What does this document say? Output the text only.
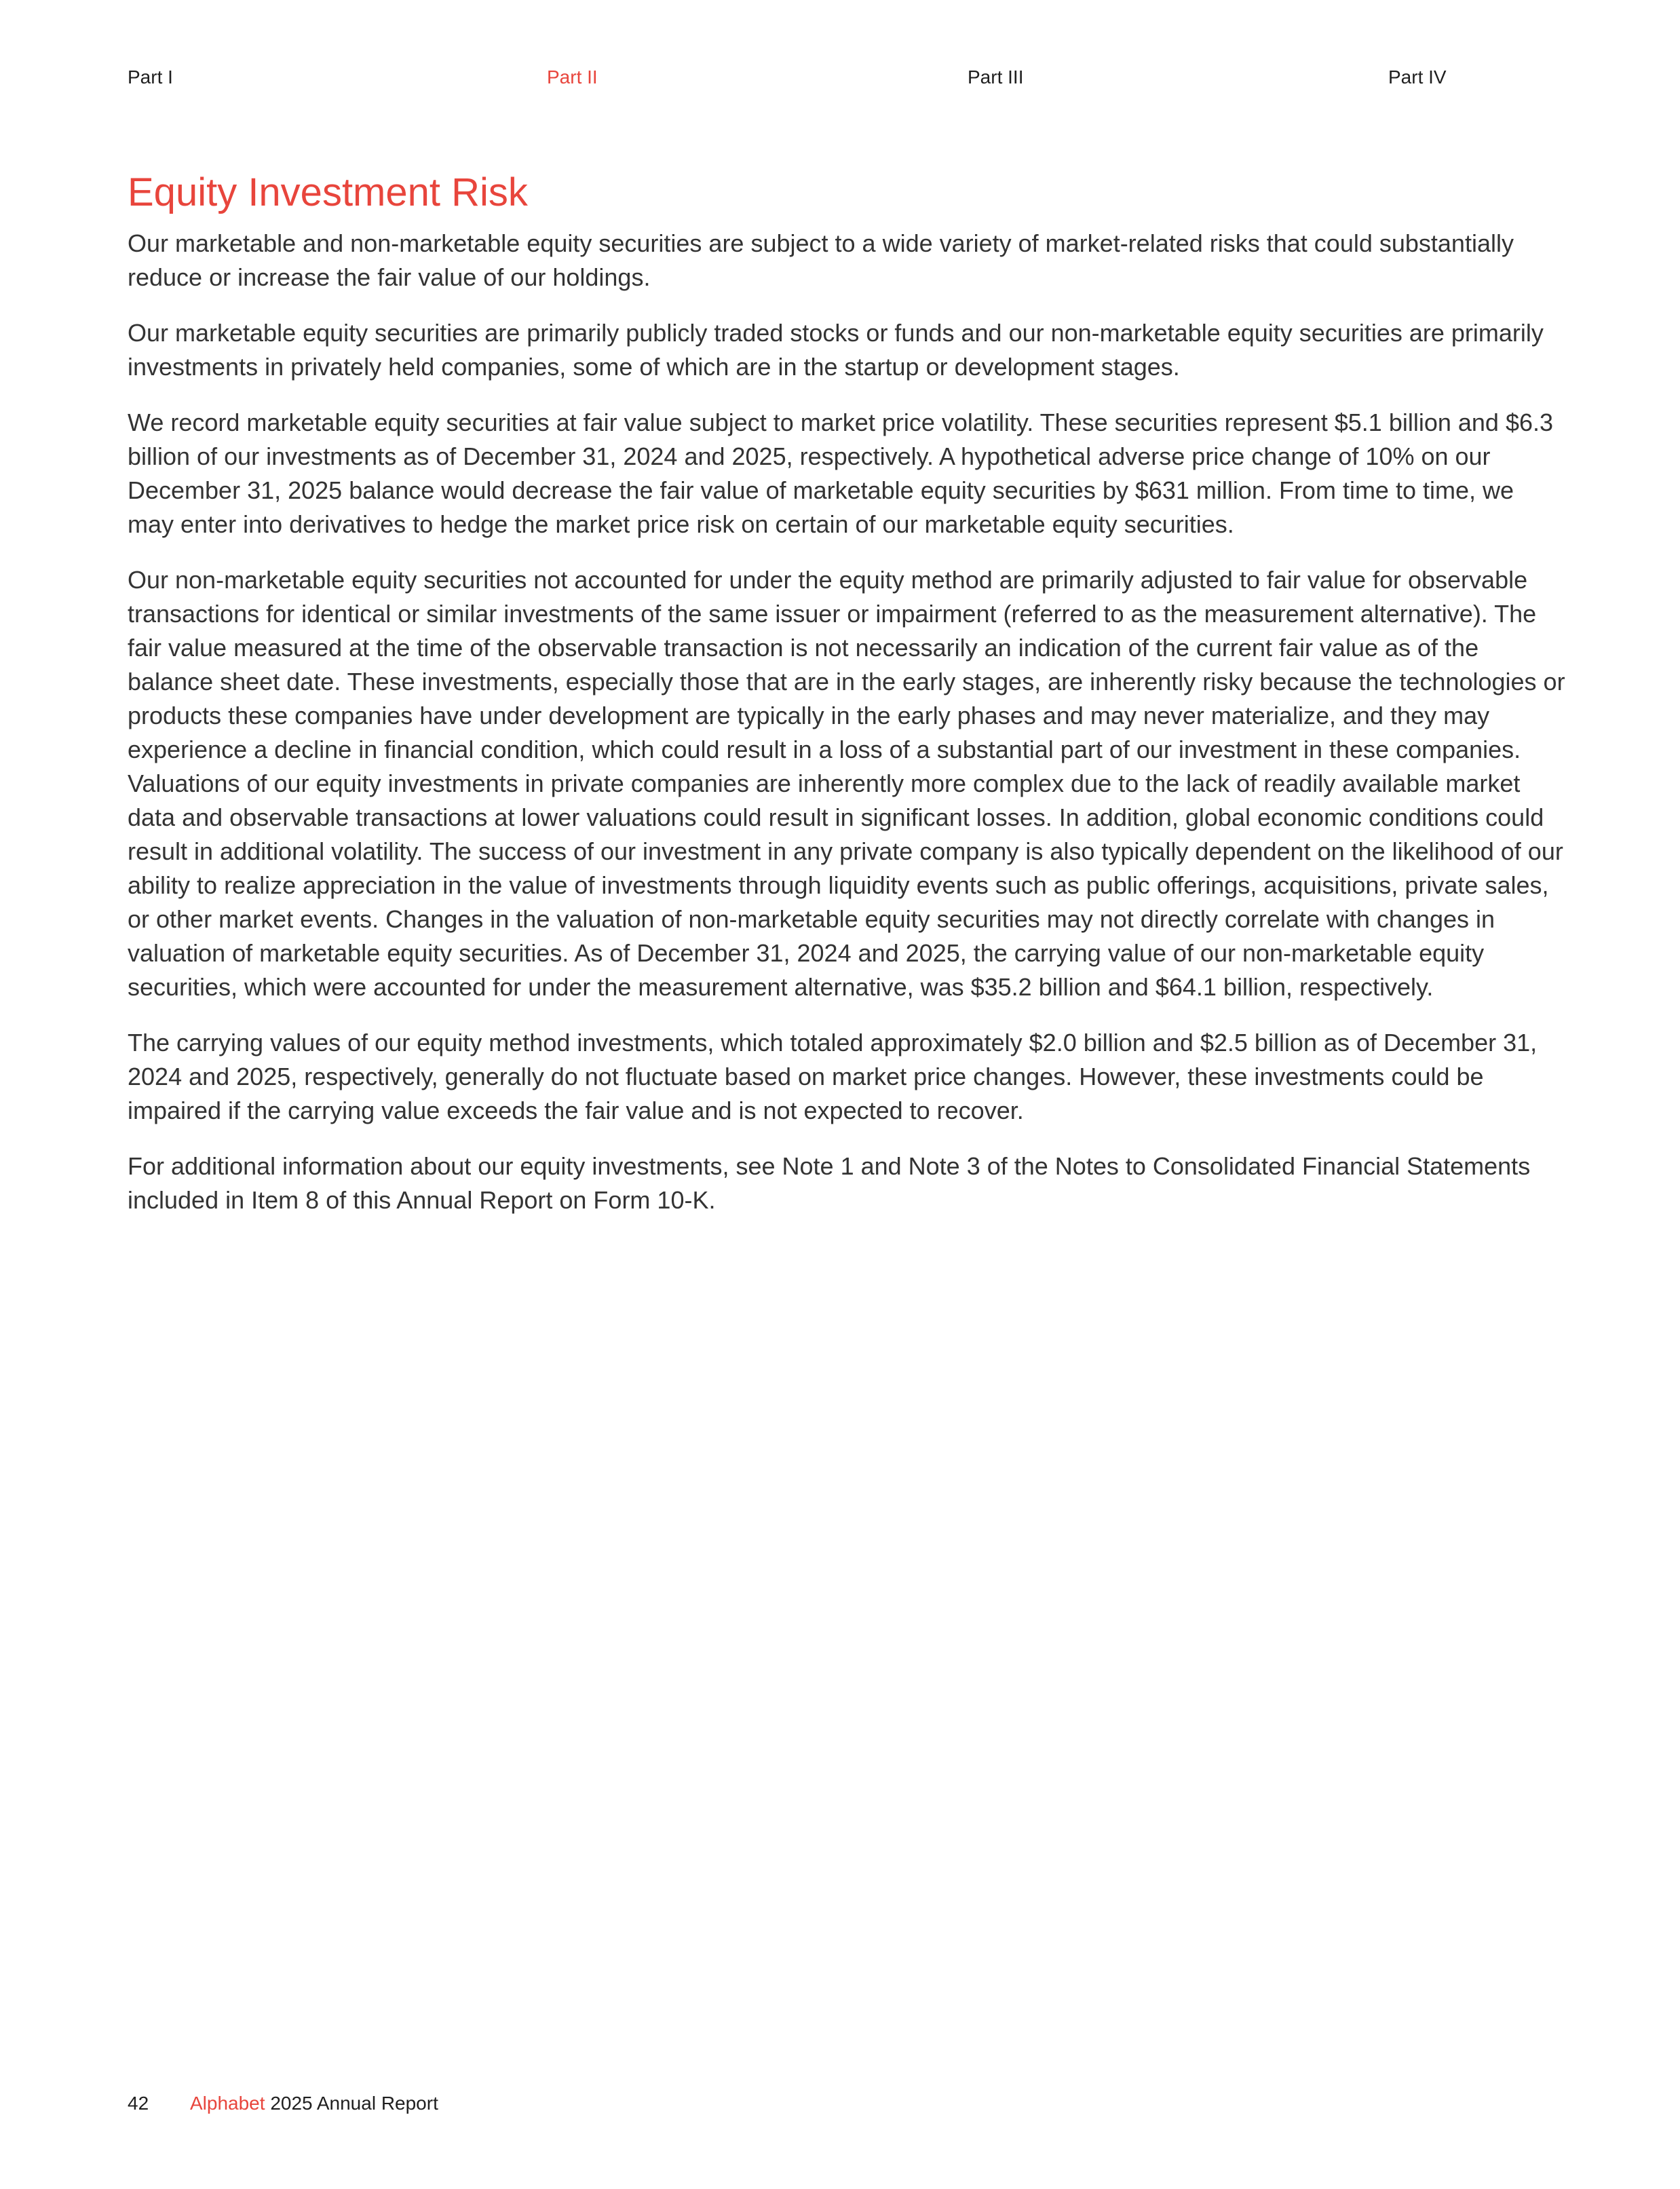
Part I	Part II	Part III	Part IV
Equity Investment Risk

Our marketable and non-marketable equity securities are subject to a wide variety of market-related risks that could substantially reduce or increase the fair value of our holdings.

Our marketable equity securities are primarily publicly traded stocks or funds and our non-marketable equity securities are primarily investments in privately held companies, some of which are in the startup or development stages.

We record marketable equity securities at fair value subject to market price volatility. These securities represent $5.1 billion and $6.3 billion of our investments as of December 31, 2024 and 2025, respectively. A hypothetical adverse price change of 10% on our December 31, 2025 balance would decrease the fair value of marketable equity securities by $631 million. From time to time, we may enter into derivatives to hedge the market price risk on certain of our marketable equity securities.

Our non-marketable equity securities not accounted for under the equity method are primarily adjusted to fair value for observable transactions for identical or similar investments of the same issuer or impairment (referred to as the measurement alternative). The fair value measured at the time of the observable transaction is not necessarily an indication of the current fair value as of the balance sheet date. These investments, especially those that are in the early stages, are inherently risky because the technologies or products these companies have under development are typically in the early phases and may never materialize, and they may experience a decline in financial condition, which could result in a loss of a substantial part of our investment in these companies. Valuations of our equity investments in private companies are inherently more complex due to the lack of readily available market data and observable transactions at lower valuations could result in significant losses. In addition, global economic conditions could result in additional volatility. The success of our investment in any private company is also typically dependent on the likelihood of our ability to realize appreciation in the value of investments through liquidity events such as public offerings, acquisitions, private sales, or other market events. Changes in the valuation of non-marketable equity securities may not directly correlate with changes in valuation of marketable equity securities. As of December 31, 2024 and 2025, the carrying value of our non-marketable equity securities, which were accounted for under the measurement alternative, was $35.2 billion and $64.1 billion, respectively.

The carrying values of our equity method investments, which totaled approximately $2.0 billion and $2.5 billion as of December 31, 2024 and 2025, respectively, generally do not fluctuate based on market price changes. However, these investments could be impaired if the carrying value exceeds the fair value and is not expected to recover.

For additional information about our equity investments, see Note 1 and Note 3 of the Notes to Consolidated Financial Statements included in Item 8 of this Annual Report on Form 10-K.

42 Alphabet 2025 Annual Report
